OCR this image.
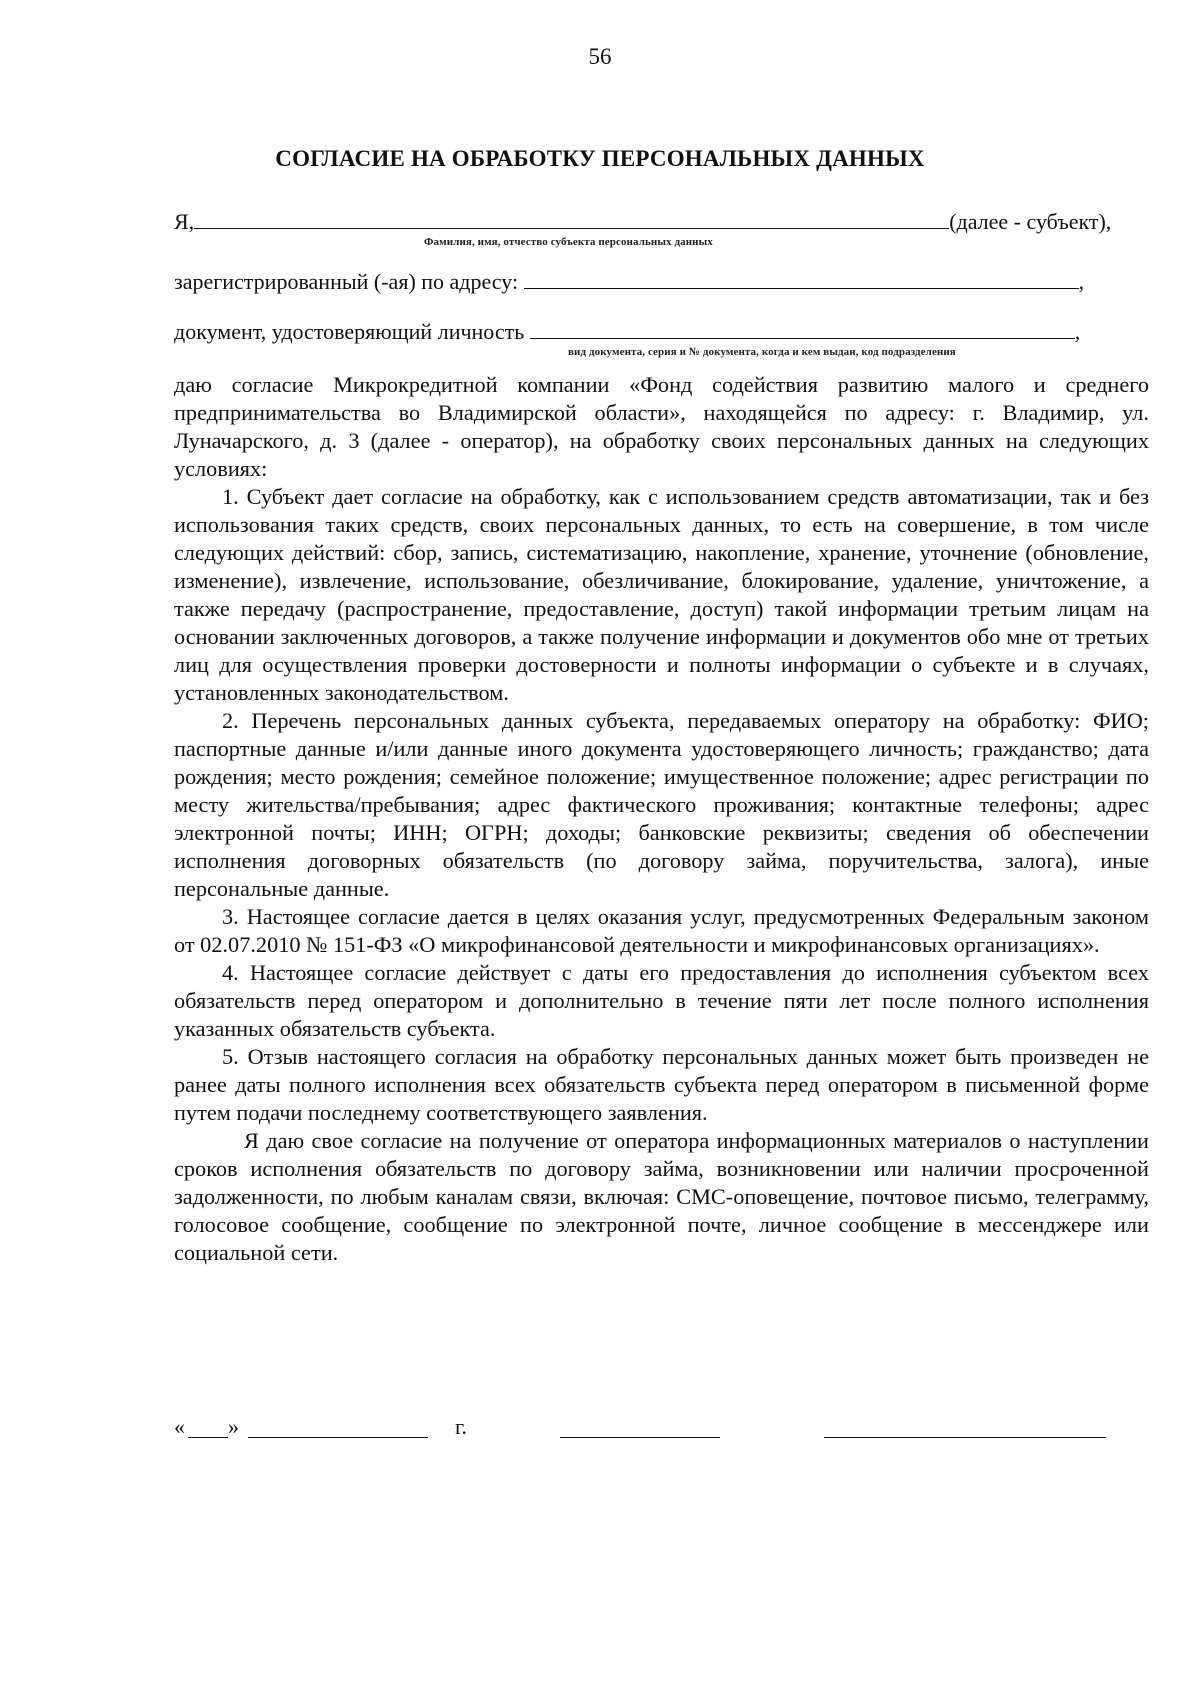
56
СОГЛАСИЕ НА ОБРАБОТКУ ПЕРСОНАЛЬНЫХ ДАННЫХ
Я,	(далее - субъект),
Фамилия, имя, отчество субъекта персональных данных
зарегистрированный (-ая) по адресу:	,
документ, удостоверяющий личность	,
вид документа, серия и № документа, когда и кем выдан, код подразделения

даю согласие Микрокредитной компании «Фонд содействия развитию малого и среднего предпринимательства во Владимирской области», находящейся по адресу: г. Владимир, ул. Луначарского, д. 3 (далее - оператор), на обработку своих персональных данных на следующих условиях:

1. Субъект дает согласие на обработку, как с использованием средств автоматизации, так и без использования таких средств, своих персональных данных, то есть на совершение, в том числе следующих действий: сбор, запись, систематизацию, накопление, хранение, уточнение (обновление, изменение), извлечение, использование, обезличивание, блокирование, удаление, уничтожение, а также передачу (распространение, предоставление, доступ) такой информации третьим лицам на основании заключенных договоров, а также получение информации и документов обо мне от третьих лиц для осуществления проверки достоверности и полноты информации о субъекте и в случаях, установленных законодательством.

2. Перечень персональных данных субъекта, передаваемых оператору на обработку: ФИО; паспортные данные и/или данные иного документа удостоверяющего личность; гражданство; дата рождения; место рождения; семейное положение; имущественное положение; адрес регистрации по месту жительства/пребывания; адрес фактического проживания; контактные телефоны; адрес электронной почты; ИНН; ОГРН; доходы; банковские реквизиты; сведения об обеспечении исполнения договорных обязательств (по договору займа, поручительства, залога), иные персональные данные.

3. Настоящее согласие дается в целях оказания услуг, предусмотренных Федеральным законом от 02.07.2010 № 151-ФЗ «О микрофинансовой деятельности и микрофинансовых организациях».

4. Настоящее согласие действует с даты его предоставления до исполнения субъектом всех обязательств перед оператором и дополнительно в течение пяти лет после полного исполнения указанных обязательств субъекта.

5. Отзыв настоящего согласия на обработку персональных данных может быть произведен не ранее даты полного исполнения всех обязательств субъекта перед оператором в письменной форме путем подачи последнему соответствующего заявления.

Я даю свое согласие на получение от оператора информационных материалов о наступлении сроков исполнения обязательств по договору займа, возникновении или наличии просроченной задолженности, по любым каналам связи, включая: СМС-оповещение, почтовое письмо, телеграмму, голосовое сообщение, сообщение по электронной почте, личное сообщение в мессенджере или социальной сети.

« »	г.
